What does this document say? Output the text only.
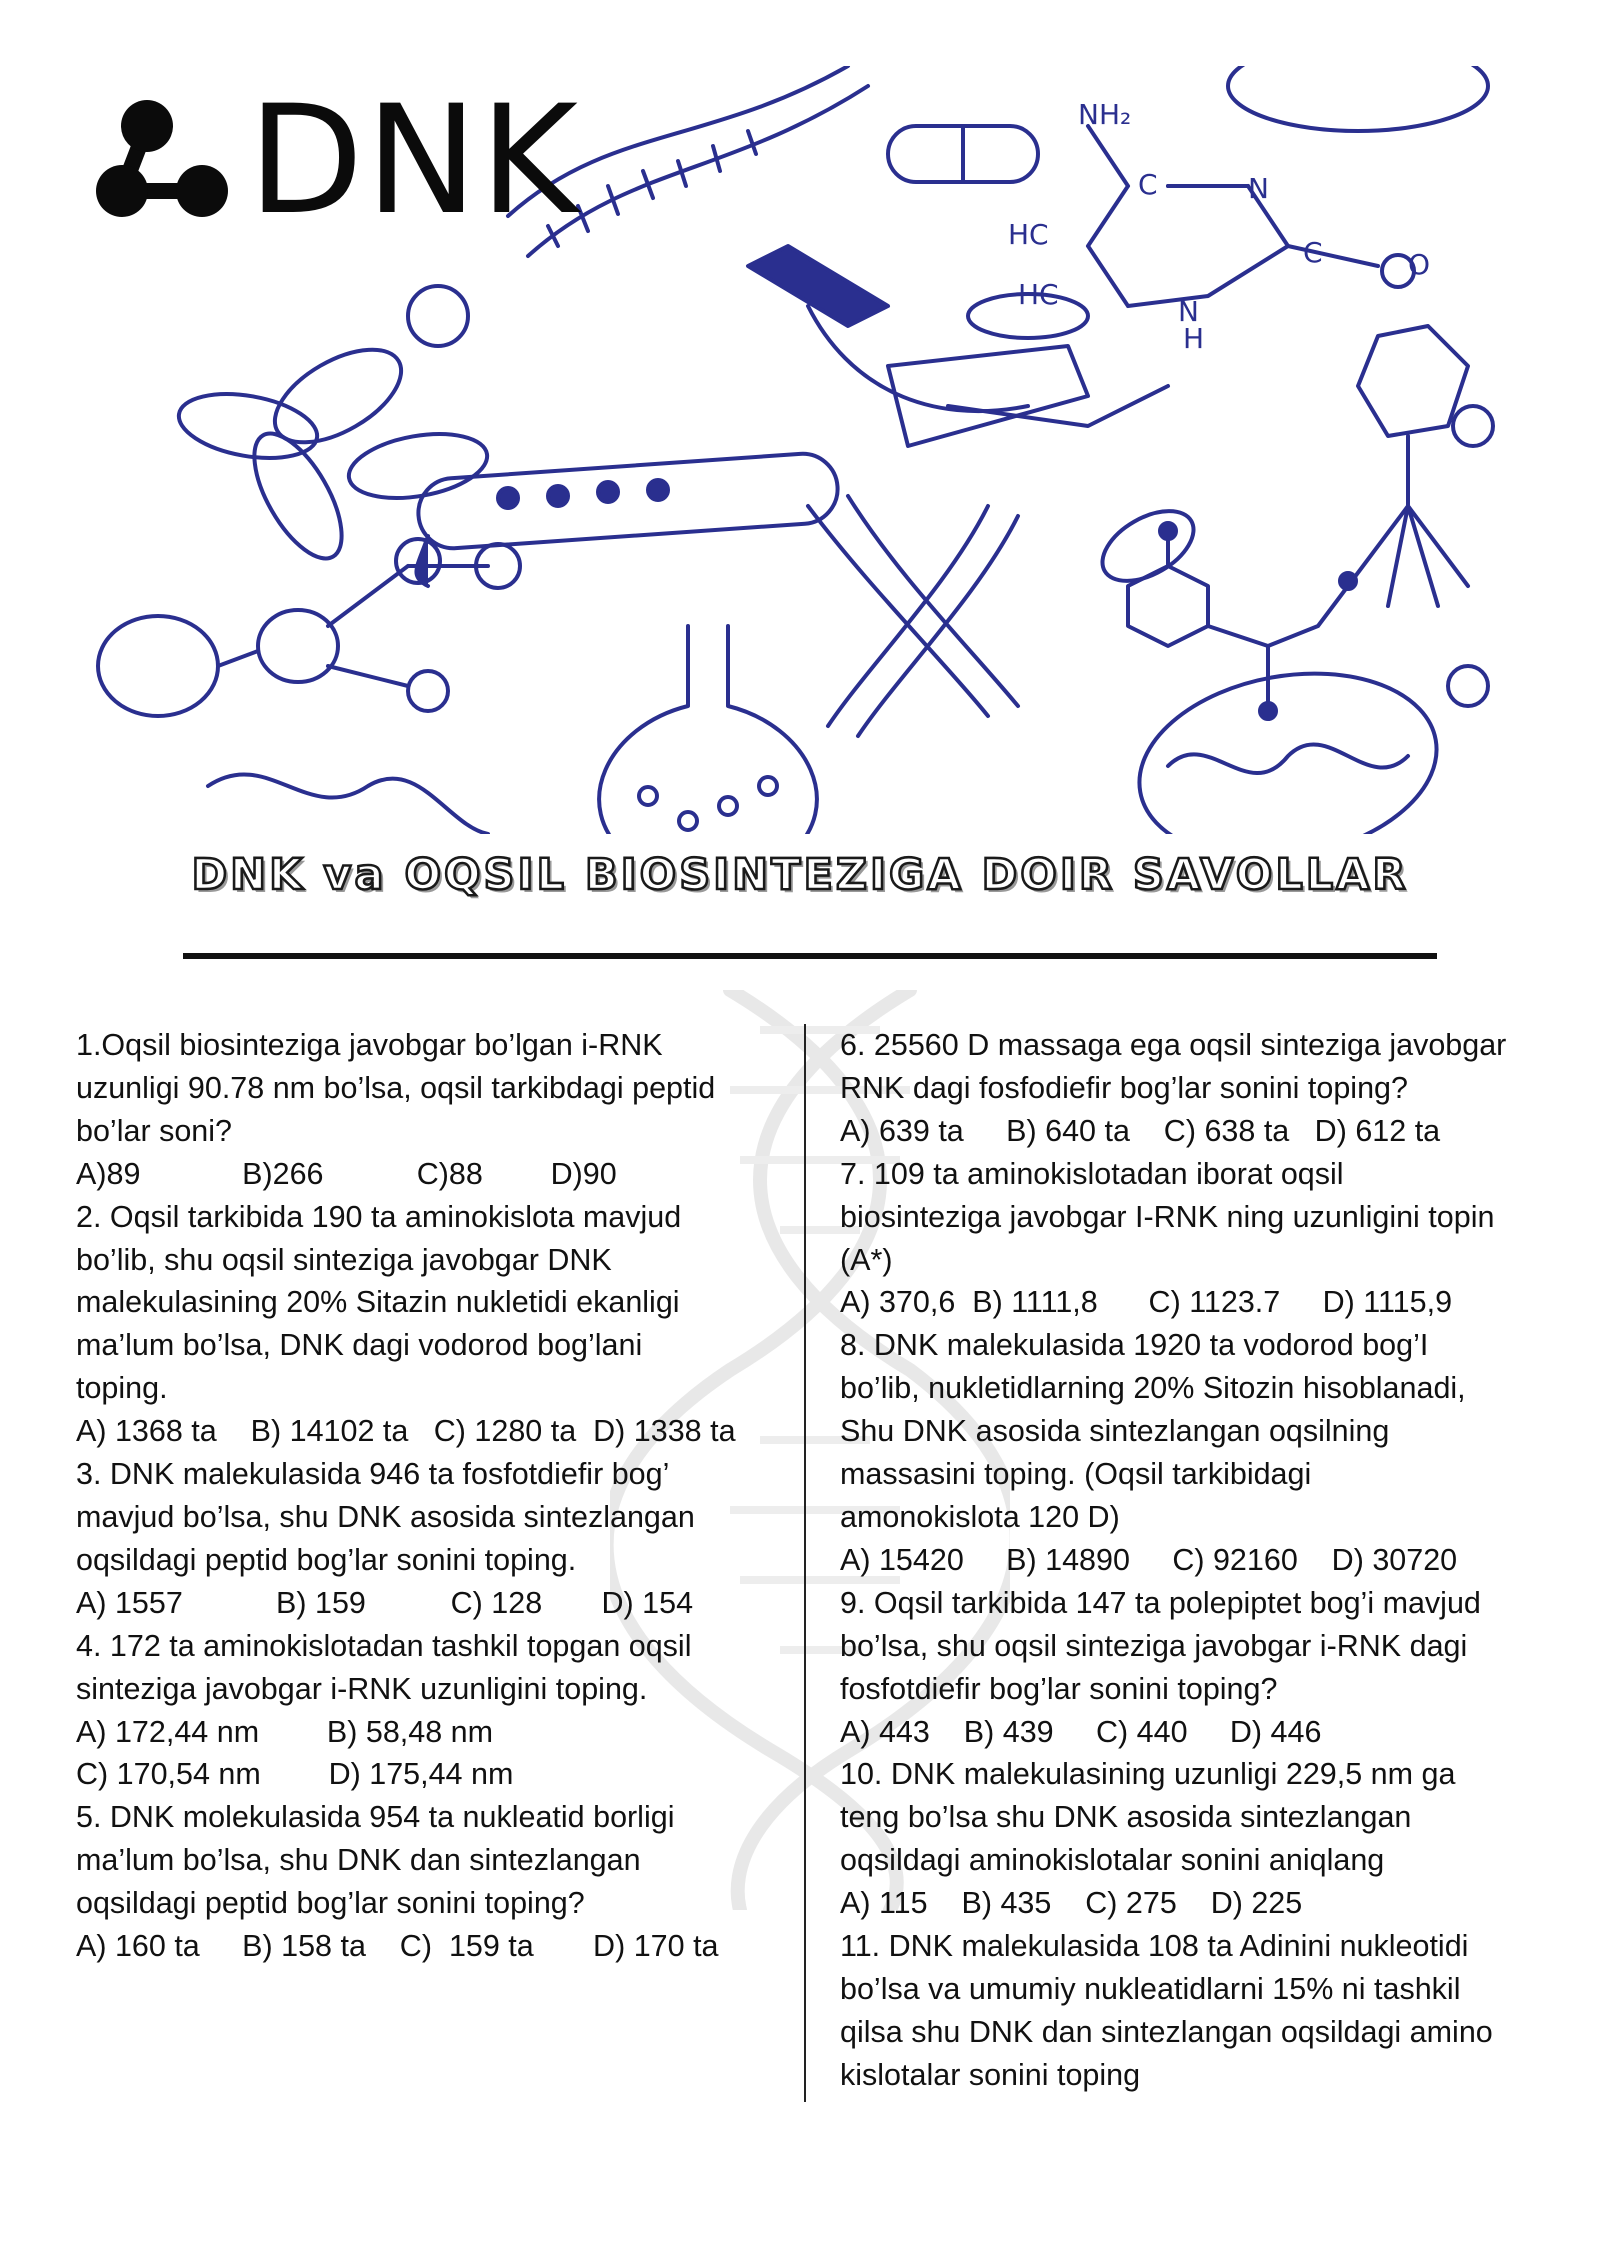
NH₂
C	N
HC
HC
C	O
N
H
DNK
DNK va OQSIL BIOSINTEZIGA DOIR SAVOLLAR
1.Oqsil biosinteziga javobgar bo’lgan i-RNK
uzunligi 90.78 nm bo’lsa, oqsil tarkibdagi peptid
bo’lar soni?
A)89            B)266           C)88        D)90
2. Oqsil tarkibida 190 ta aminokislota mavjud
bo’lib, shu oqsil sinteziga javobgar DNK
malekulasining 20% Sitazin nukletidi ekanligi
ma’lum bo’lsa, DNK dagi vodorod bog’lani
toping.
A) 1368 ta    B) 14102 ta   C) 1280 ta  D) 1338 ta
3. DNK malekulasida 946 ta fosfotdiefir bog’
mavjud bo’lsa, shu DNK asosida sintezlangan
oqsildagi peptid bog’lar sonini toping.
A) 1557           B) 159          C) 128       D) 154
4. 172 ta aminokislotadan tashkil topgan oqsil
sinteziga javobgar i-RNK uzunligini toping.
A) 172,44 nm        B) 58,48 nm
C) 170,54 nm        D) 175,44 nm
5. DNK molekulasida 954 ta nukleatid borligi
ma’lum bo’lsa, shu DNK dan sintezlangan
oqsildagi peptid bog’lar sonini toping?
A) 160 ta     B) 158 ta    C)  159 ta       D) 170 ta
6. 25560 D massaga ega oqsil sinteziga javobgar
RNK dagi fosfodiefir bog’lar sonini toping?
A) 639 ta     B) 640 ta    C) 638 ta   D) 612 ta
7. 109 ta aminokislotadan iborat oqsil
biosinteziga javobgar I-RNK ning uzunligini topin
(A*)
A) 370,6  B) 1111,8      C) 1123.7     D) 1115,9
8. DNK malekulasida 1920 ta vodorod bog’I
bo’lib, nukletidlarning 20% Sitozin hisoblanadi,
Shu DNK asosida sintezlangan oqsilning
massasini toping. (Oqsil tarkibidagi
amonokislota 120 D)
A) 15420     B) 14890     C) 92160    D) 30720
9. Oqsil tarkibida 147 ta polepiptet bog’i mavjud
bo’lsa, shu oqsil sinteziga javobgar i-RNK dagi
fosfotdiefir bog’lar sonini toping?
A) 443    B) 439     C) 440     D) 446
10. DNK malekulasining uzunligi 229,5 nm ga
teng bo’lsa shu DNK asosida sintezlangan
oqsildagi aminokislotalar sonini aniqlang
A) 115    B) 435    C) 275    D) 225
11. DNK malekulasida 108 ta Adinini nukleotidi
bo’lsa va umumiy nukleatidlarni 15% ni tashkil
qilsa shu DNK dan sintezlangan oqsildagi amino
kislotalar sonini toping
